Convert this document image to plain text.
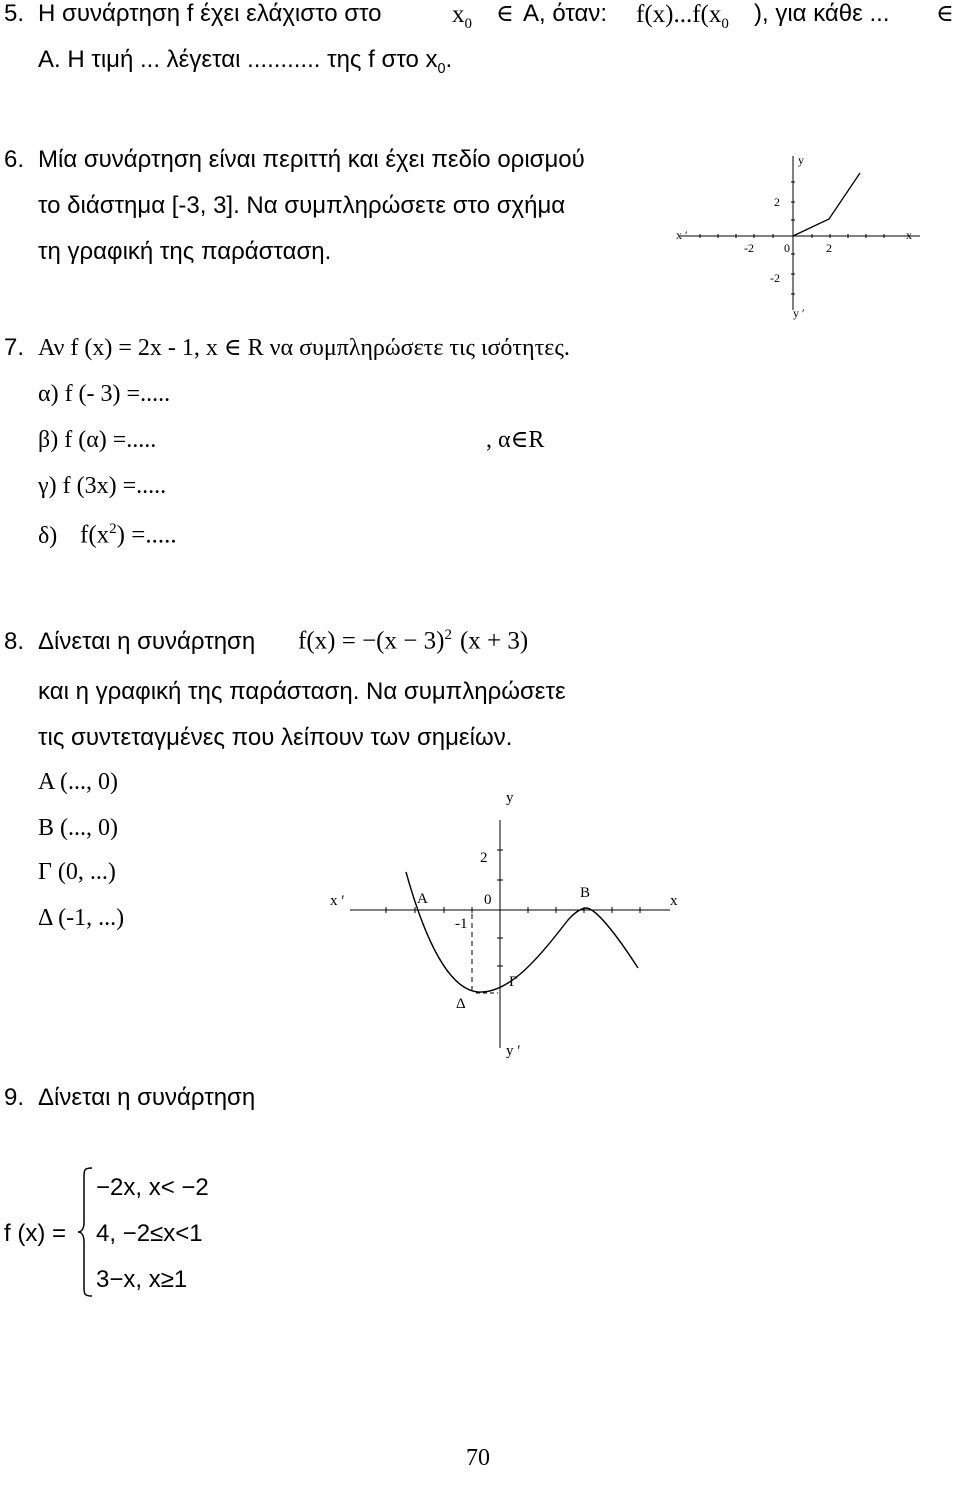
5. Η συνάρτηση f έχει ελάχιστο στο	$x_0$ ∈ A, όταν: $f(x)...f(x_0$ ), για κάθε ... ∈
A. Η τιμή ... λέγεται ........... της f στο $x_0$.
6. Μία συνάρτηση είναι περιττή και έχει πεδίο ορισμού
το διάστημα [-3, 3]. Να συμπληρώσετε στο σχήμα
τη γραφική της παράσταση.
y
y ′
x
x ′
2
-2
-2	2
0
7. Αν f (x) = 2x - 1, x ∈ R να συμπληρώσετε τις ισότητες.
α) f (- 3) =.....
β) f (α) =.....	, α∈R
γ) f (3x) =.....
δ) $f(x^2)$ =.....
8. Δίνεται η συνάρτηση $f(x) = -(x - 3)^2$ (x + 3)
και η γραφική της παράσταση. Να συμπληρώσετε
τις συντεταγμένες που λείπουν των σημείων.
Α (..., 0)
Β (..., 0)
Γ (0, ...)
Δ (-1, ...)
y
y ′
x
x ′
2
0
-1
Α	Β
Γ
Δ
9. Δίνεται η συνάρτηση
f (x) =
−2x, x< −2
4, −2≤x<1
3−x, x≥1
70
